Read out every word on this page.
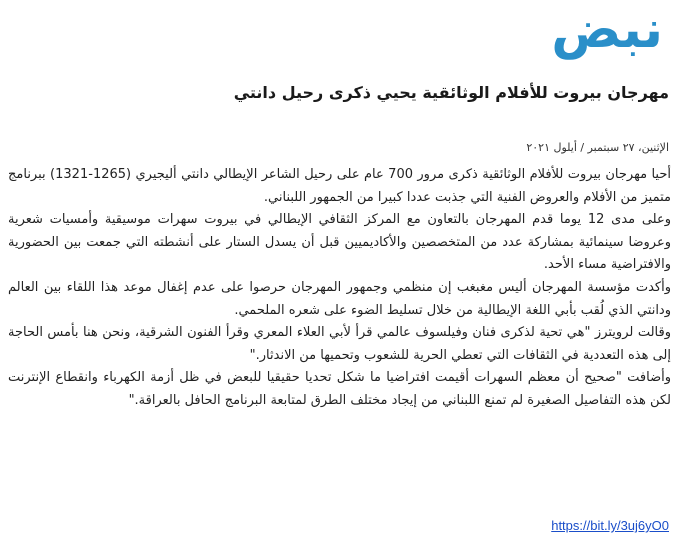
نبض
مهرجان بيروت للأفلام الوثائقية يحيي ذكرى رحيل دانتي
الإثنين، ٢٧ سبتمبر / أيلول ٢٠٢١

أحيا مهرجان بيروت للأفلام الوثائقية ذكرى مرور 700 عام على رحيل الشاعر الإيطالي دانتي أليجيري (1265-1321) ببرنامج متميز من الأفلام والعروض الفنية التي جذبت عددا كبيرا من الجمهور اللبناني.

وعلى مدى 12 يوما قدم المهرجان بالتعاون مع المركز الثقافي الإيطالي في بيروت سهرات موسيقية وأمسيات شعرية وعروضا سينمائية بمشاركة عدد من المتخصصين والأكاديميين قبل أن يسدل الستار على أنشطته التي جمعت بين الحضورية والافتراضية مساء الأحد.

وأكدت مؤسسة المهرجان أليس مغبغب إن منظمي وجمهور المهرجان حرصوا على عدم إغفال موعد هذا اللقاء بين العالم ودانتي الذي لُقب بأبي اللغة الإيطالية من خلال تسليط الضوء على شعره الملحمي.

وقالت لرويترز "هي تحية لذكرى فنان وفيلسوف عالمي قرأ لأبي العلاء المعري وقرأ الفنون الشرقية، ونحن هنا بأمس الحاجة إلى هذه التعددية في الثقافات التي تعطي الحرية للشعوب وتحميها من الاندثار."

وأضافت "صحيح أن معظم السهرات أقيمت افتراضيا ما شكل تحديا حقيقيا للبعض في ظل أزمة الكهرباء وانقطاع الإنترنت لكن هذه التفاصيل الصغيرة لم تمنع اللبناني من إيجاد مختلف الطرق لمتابعة البرنامج الحافل بالعراقة."

https://bit.ly/3uj6yO0
